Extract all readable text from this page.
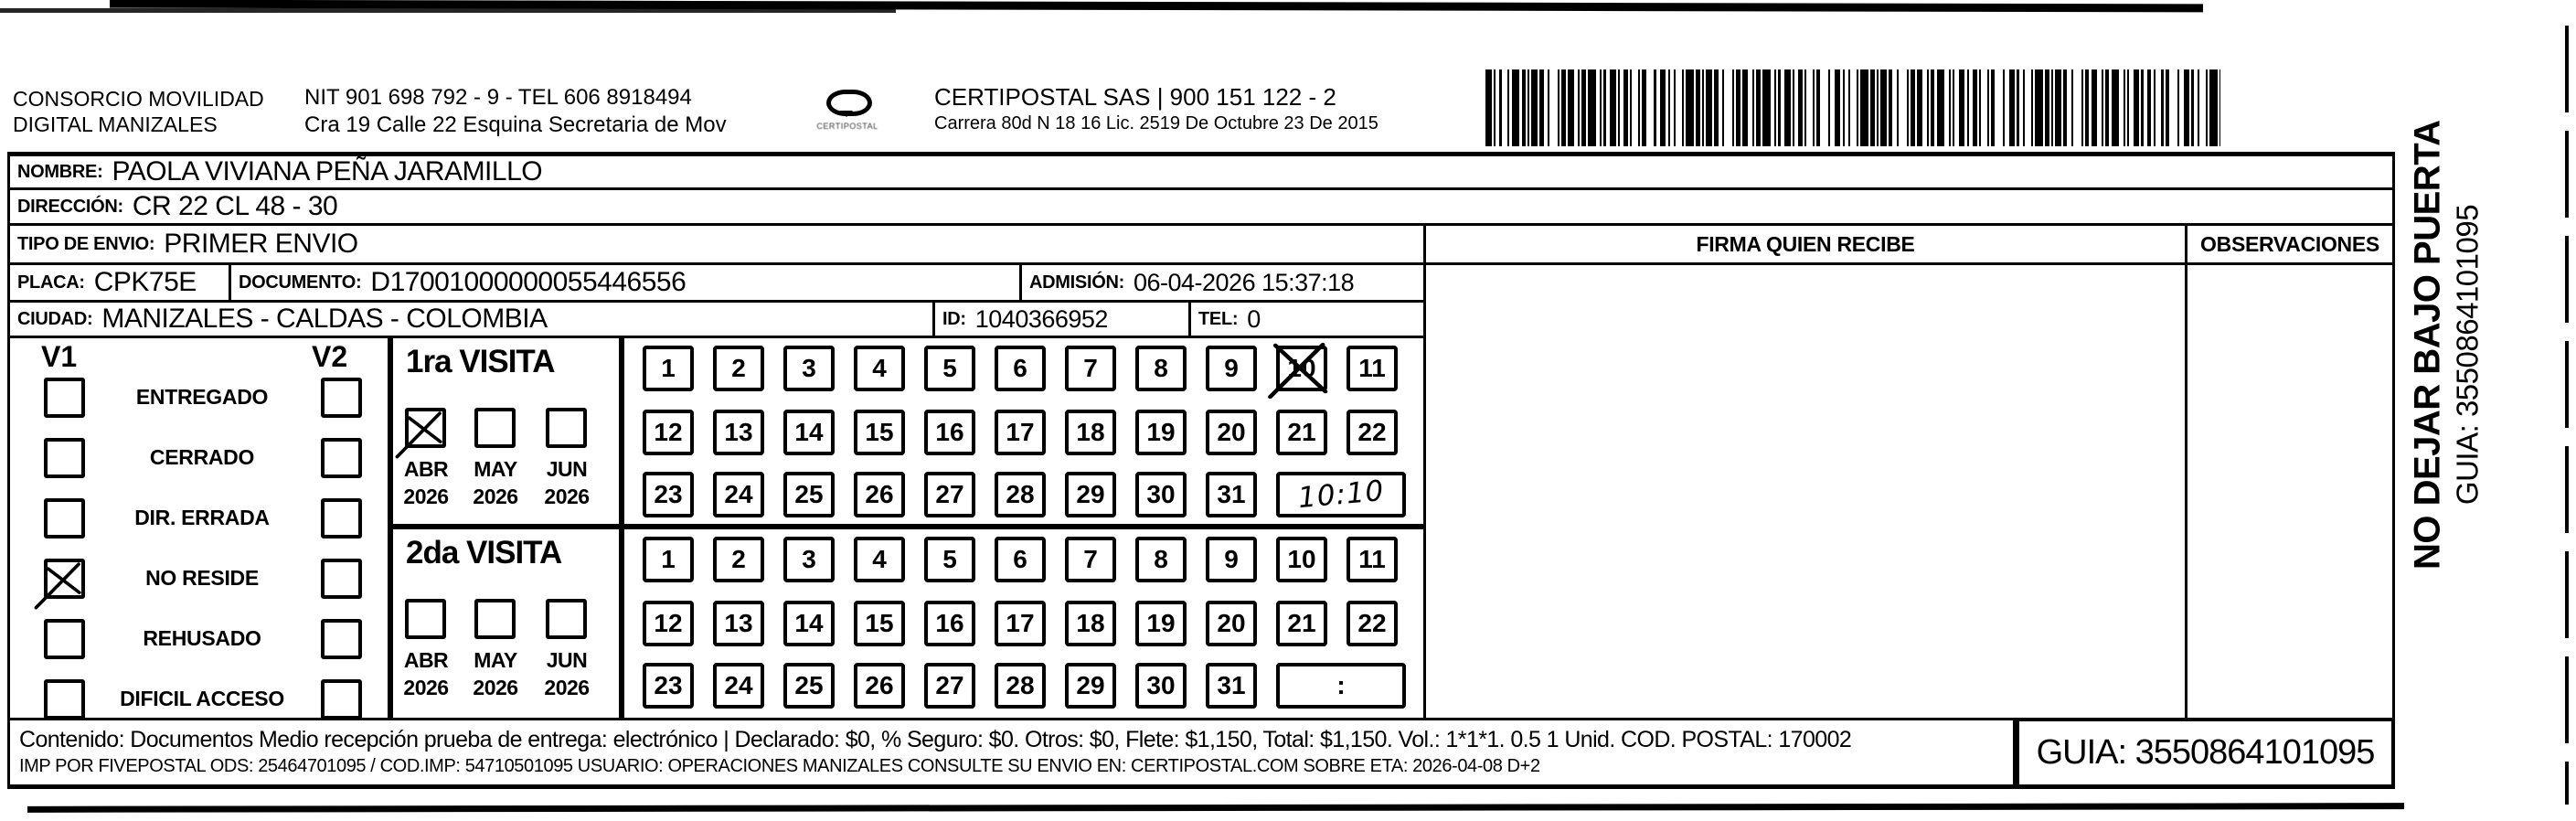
CONSORCIO MOVILIDAD
DIGITAL MANIZALES
NIT 901 698 792 - 9 - TEL 606 8918494
Cra 19 Calle 22 Esquina Secretaria de Mov	CERTIPOSTAL
CERTIPOSTAL SAS | 900 151 122 - 2
Carrera 80d N 18 16 Lic. 2519 De Octubre 23 De 2015
NOMBRE: PAOLA VIVIANA PEÑA JARAMILLO
DIRECCIÓN: CR 22 CL 48 - 30
TIPO DE ENVIO: PRIMER ENVIO
PLACA: CPK75E DOCUMENTO: D17001000000055446556	ADMISIÓN: 06-04-2026 15:37:18
CIUDAD: MANIZALES - CALDAS - COLOMBIA	ID: 1040366952	TEL: 0
V1	V2
ENTREGADO
CERRADO
DIR. ERRADA
NO RESIDE
REHUSADO
DIFICIL ACCESO
1ra VISITA
ABR
2026
MAY
2026
JUN
2026
1 2 3 4 5 6 7 8 9 10 11
12 13 14 15 16 17 18 19 20 21 22
23 24 25 26 27 28 29 30 31 10:10
2da VISITA
ABR
2026
MAY
2026
JUN
2026
1 2 3 4 5 6 7 8 9 10 11
12 13 14 15 16 17 18 19 20 21 22
23 24 25 26 27 28 29 30 31	:
FIRMA QUIEN RECIBE	OBSERVACIONES
Contenido: Documentos Medio recepción prueba de entrega: electrónico | Declarado: $0, % Seguro: $0. Otros: $0, Flete: $1,150, Total: $1,150. Vol.: 1*1*1. 0.5 1 Unid. COD. POSTAL: 170002
IMP POR FIVEPOSTAL ODS: 25464701095 / COD.IMP: 54710501095 USUARIO: OPERACIONES MANIZALES CONSULTE SU ENVIO EN: CERTIPOSTAL.COM SOBRE ETA: 2026-04-08 D+2	GUIA: 3550864101095
NO DEJAR BAJO PUERTA GUIA: 3550864101095
